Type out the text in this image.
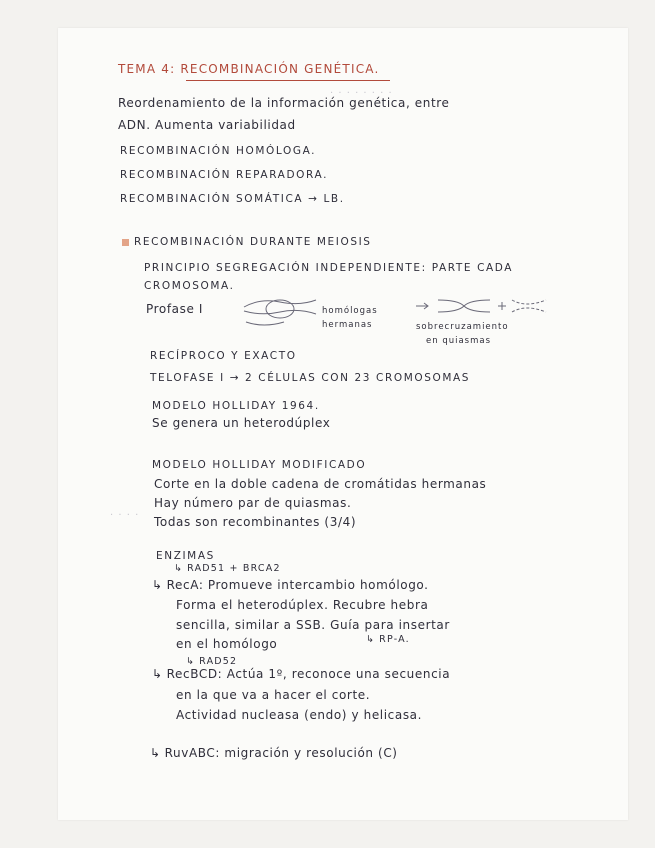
· · · · · · · ·
· · · ·
TEMA 4: RECOMBINACIÓN GENÉTICA.
Reordenamiento de la información genética, entre
ADN. Aumenta variabilidad
RECOMBINACIÓN HOMÓLOGA.
RECOMBINACIÓN REPARADORA.
RECOMBINACIÓN SOMÁTICA → LB.
RECOMBINACIÓN DURANTE MEIOSIS
PRINCIPIO SEGREGACIÓN INDEPENDIENTE: PARTE CADA
CROMOSOMA.
Profase I	homólogas
hermanas	sobrecruzamiento
en quiasmas
RECÍPROCO Y EXACTO
TELOFASE I → 2 CÉLULAS CON 23 CROMOSOMAS
MODELO HOLLIDAY 1964.
Se genera un heterodúplex
MODELO HOLLIDAY MODIFICADO
Corte en la doble cadena de cromátidas hermanas
Hay número par de quiasmas.
Todas son recombinantes (3/4)
ENZIMAS
↳ RAD51 + BRCA2
↳ RecA: Promueve intercambio homólogo.
Forma el heterodúplex. Recubre hebra
sencilla, similar a SSB. Guía para insertar
en el homólogo	↳ RP-A.
↳ RAD52
↳ RecBCD: Actúa 1º, reconoce una secuencia
en la que va a hacer el corte.
Actividad nucleasa (endo) y helicasa.
↳ RuvABC: migración y resolución (C)
